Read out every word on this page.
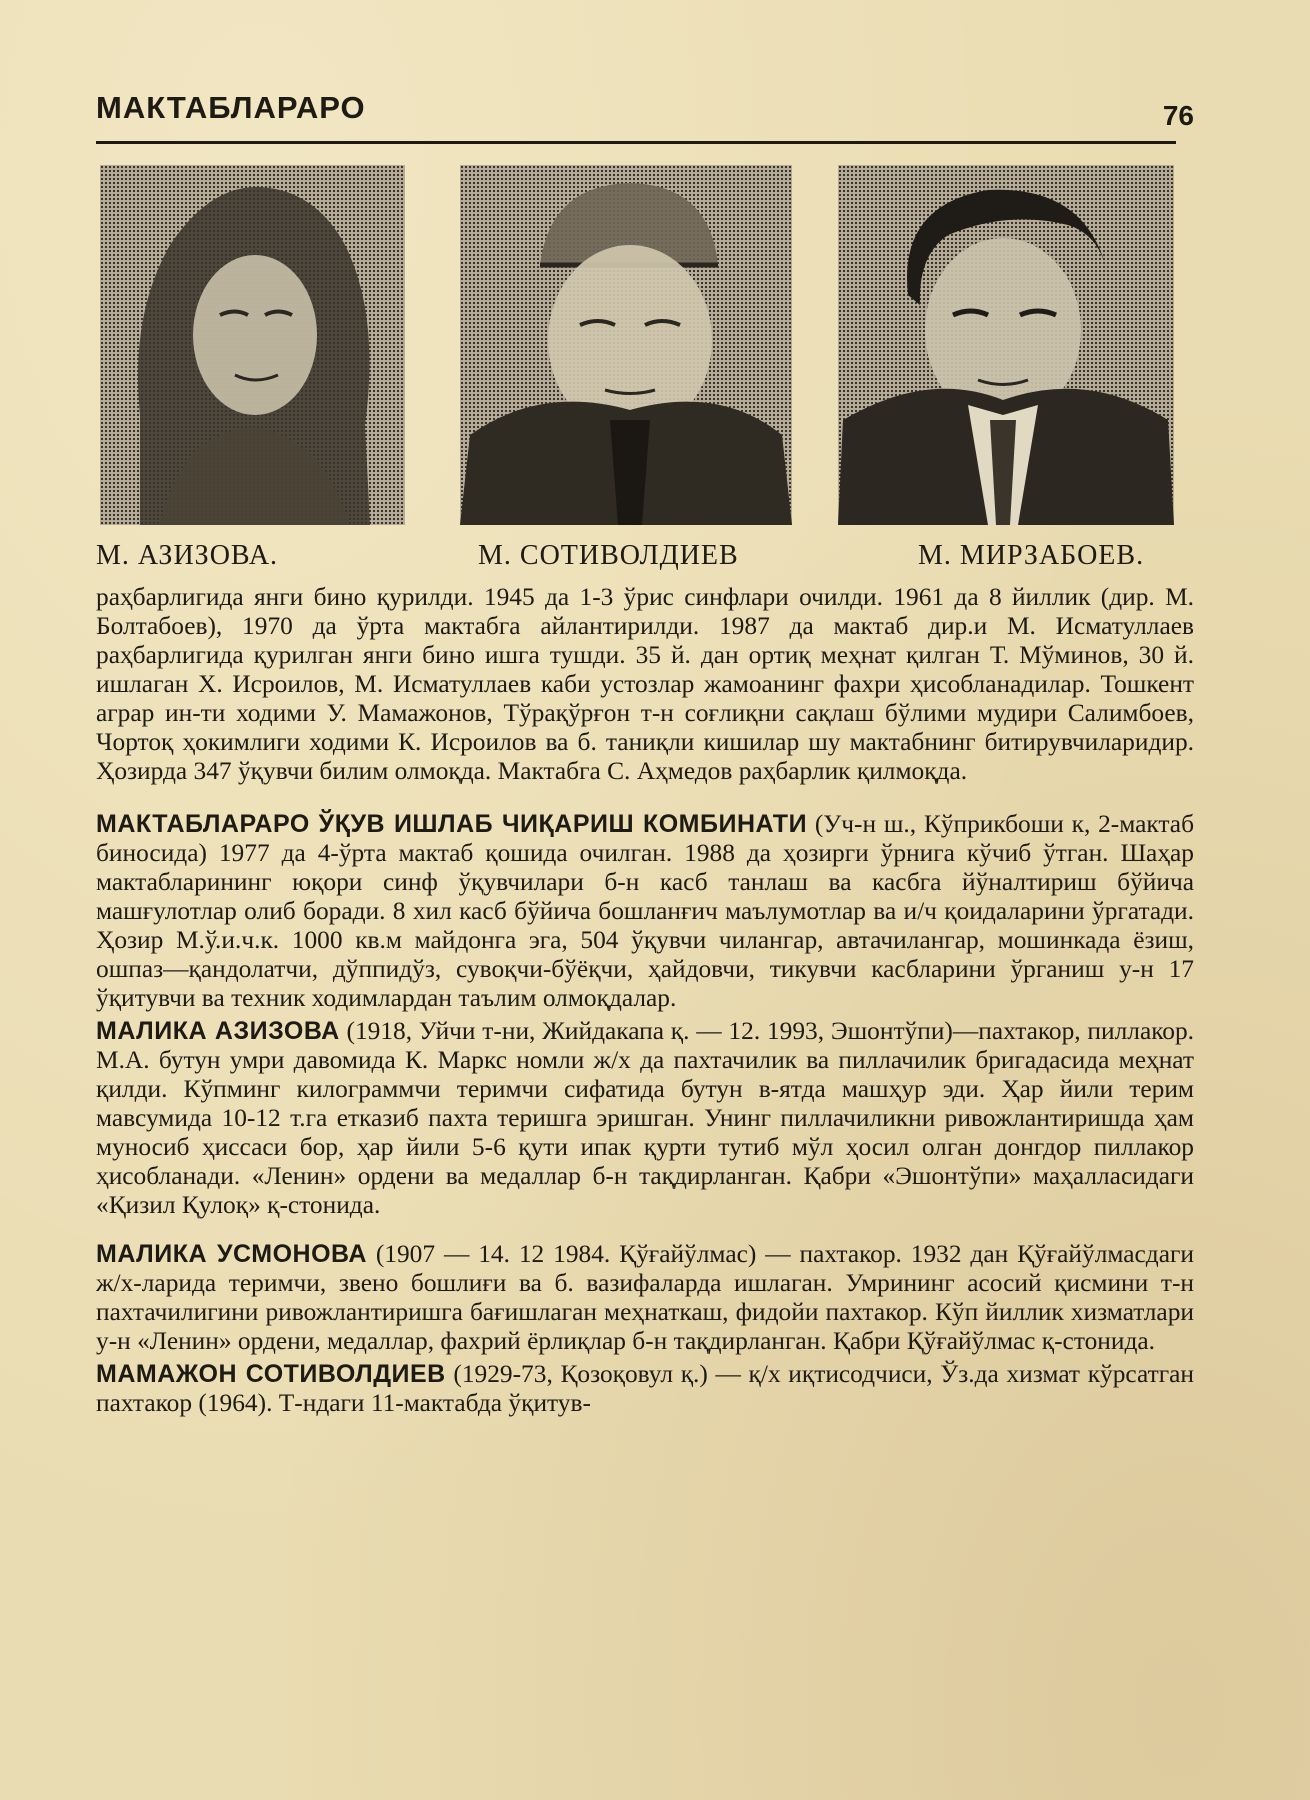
МАКТАБЛАРАРО	76
М. АЗИЗОВА.	М. СОТИВОЛДИЕВ	М. МИРЗАБОЕВ.

раҳбарлигида янги бино қурилди. 1945 да 1-3 ўрис синфлари очилди. 1961 да 8 йиллик (дир. М. Болтабоев), 1970 да ўрта мактабга айлантирилди. 1987 да мактаб дир.и М. Исматуллаев раҳбарлигида қурилган янги бино ишга тушди. 35 й. дан ортиқ меҳнат қилган Т. Мўминов, 30 й. ишлаган Х. Исроилов, М. Исматуллаев каби устозлар жамоанинг фахри ҳисобланадилар. Тошкент аграр ин-ти ходими У. Мамажонов, Тўрақўрғон т-н соғлиқни сақлаш бўлими мудири Салимбоев, Чортоқ ҳокимлиги ходими К. Исроилов ва б. таниқли кишилар шу мактабнинг битирувчиларидир. Ҳозирда 347 ўқувчи билим олмоқда. Мактабга С. Аҳмедов раҳбарлик қилмоқда.

МАКТАБЛАРАРО ЎҚУВ ИШЛАБ ЧИҚАРИШ КОМБИНАТИ (Уч-н ш., Кўприкбоши к, 2-мактаб биносида) 1977 да 4-ўрта мактаб қошида очилган. 1988 да ҳозирги ўрнига кўчиб ўтган. Шаҳар мактабларининг юқори синф ўқувчилари б-н касб танлаш ва касбга йўналтириш бўйича машғулотлар олиб боради. 8 хил касб бўйича бошланғич маълумотлар ва и/ч қоидаларини ўргатади. Ҳозир М.ў.и.ч.к. 1000 кв.м майдонга эга, 504 ўқувчи чилангар, автачилангар, мошинкада ёзиш, ошпаз—қандолатчи, дўппидўз, сувоқчи-бўёқчи, ҳайдовчи, тикувчи касбларини ўрганиш у-н 17 ўқитувчи ва техник ходимлардан таълим олмоқдалар.

МАЛИКА АЗИЗОВА (1918, Уйчи т-ни, Жийдакапа қ. — 12. 1993, Эшонтўпи)—пахтакор, пиллакор. М.А. бутун умри давомида К. Маркс номли ж/х да пахтачилик ва пиллачилик бригадасида меҳнат қилди. Кўпминг килограммчи теримчи сифатида бутун в-ятда машҳур эди. Ҳар йили терим мавсумида 10-12 т.га етказиб пахта теришга эришган. Унинг пиллачиликни ривожлантиришда ҳам муносиб ҳиссаси бор, ҳар йили 5-6 қути ипак қурти тутиб мўл ҳосил олган донгдор пиллакор ҳисобланади. «Ленин» ордени ва медаллар б-н тақдирланган. Қабри «Эшонтўпи» маҳалласидаги «Қизил Қулоқ» қ-стонида.

МАЛИКА УСМОНОВА (1907 — 14. 12 1984. Қўғайўлмас) — пахтакор. 1932 дан Қўғайўлмасдаги ж/х-ларида теримчи, звено бошлиғи ва б. вазифаларда ишлаган. Умрининг асосий қисмини т-н пахтачилигини ривожлантиришга бағишлаган меҳнаткаш, фидойи пахтакор. Кўп йиллик хизматлари у-н «Ленин» ордени, медаллар, фахрий ёрлиқлар б-н тақдирланган. Қабри Қўғайўлмас қ-стонида.

МАМАЖОН СОТИВОЛДИЕВ (1929-73, Қозоқовул қ.) — қ/х иқтисодчиси, Ўз.да хизмат кўрсатган пахтакор (1964). Т-ндаги 11-мактабда ўқитув-
